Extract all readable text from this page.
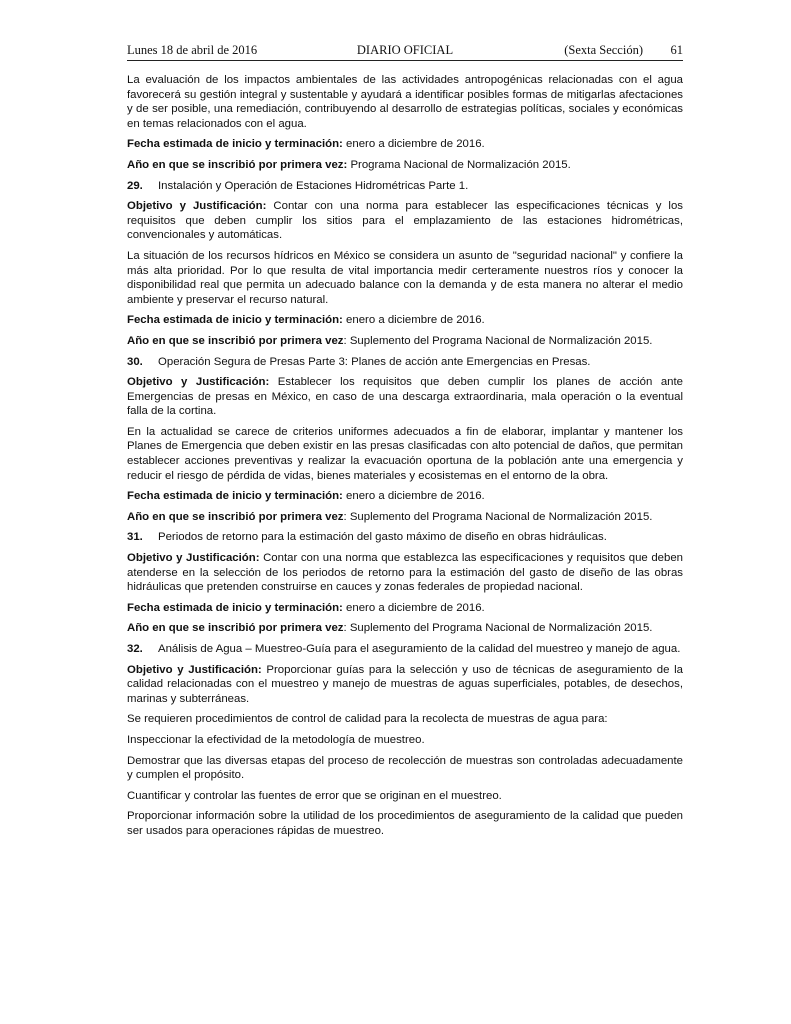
Lunes 18 de abril de 2016	DIARIO OFICIAL	(Sexta Sección) 61

La evaluación de los impactos ambientales de las actividades antropogénicas relacionadas con el agua favorecerá su gestión integral y sustentable y ayudará a identificar posibles formas de mitigarlas afectaciones y de ser posible, una remediación, contribuyendo al desarrollo de estrategias políticas, sociales y económicas en temas relacionados con el agua.

Fecha estimada de inicio y terminación: enero a diciembre de 2016.

Año en que se inscribió por primera vez: Programa Nacional de Normalización 2015.

29. Instalación y Operación de Estaciones Hidrométricas Parte 1.

Objetivo y Justificación: Contar con una norma para establecer las especificaciones técnicas y los requisitos que deben cumplir los sitios para el emplazamiento de las estaciones hidrométricas, convencionales y automáticas.

La situación de los recursos hídricos en México se considera un asunto de "seguridad nacional" y confiere la más alta prioridad. Por lo que resulta de vital importancia medir certeramente nuestros ríos y conocer la disponibilidad real que permita un adecuado balance con la demanda y de esta manera no alterar el medio ambiente y preservar el recurso natural.

Fecha estimada de inicio y terminación: enero a diciembre de 2016.

Año en que se inscribió por primera vez: Suplemento del Programa Nacional de Normalización 2015.

30. Operación Segura de Presas Parte 3: Planes de acción ante Emergencias en Presas.

Objetivo y Justificación: Establecer los requisitos que deben cumplir los planes de acción ante Emergencias de presas en México, en caso de una descarga extraordinaria, mala operación o la eventual falla de la cortina.

En la actualidad se carece de criterios uniformes adecuados a fin de elaborar, implantar y mantener los Planes de Emergencia que deben existir en las presas clasificadas con alto potencial de daños, que permitan establecer acciones preventivas y realizar la evacuación oportuna de la población ante una emergencia y reducir el riesgo de pérdida de vidas, bienes materiales y ecosistemas en el entorno de la obra.

Fecha estimada de inicio y terminación: enero a diciembre de 2016.

Año en que se inscribió por primera vez: Suplemento del Programa Nacional de Normalización 2015.

31. Periodos de retorno para la estimación del gasto máximo de diseño en obras hidráulicas.

Objetivo y Justificación: Contar con una norma que establezca las especificaciones y requisitos que deben atenderse en la selección de los periodos de retorno para la estimación del gasto de diseño de las obras hidráulicas que pretenden construirse en cauces y zonas federales de propiedad nacional.

Fecha estimada de inicio y terminación: enero a diciembre de 2016.

Año en que se inscribió por primera vez: Suplemento del Programa Nacional de Normalización 2015.

32. Análisis de Agua – Muestreo-Guía para el aseguramiento de la calidad del muestreo y manejo de agua.

Objetivo y Justificación: Proporcionar guías para la selección y uso de técnicas de aseguramiento de la calidad relacionadas con el muestreo y manejo de muestras de aguas superficiales, potables, de desechos, marinas y subterráneas.

Se requieren procedimientos de control de calidad para la recolecta de muestras de agua para:

Inspeccionar la efectividad de la metodología de muestreo.

Demostrar que las diversas etapas del proceso de recolección de muestras son controladas adecuadamente y cumplen el propósito.

Cuantificar y controlar las fuentes de error que se originan en el muestreo.

Proporcionar información sobre la utilidad de los procedimientos de aseguramiento de la calidad que pueden ser usados para operaciones rápidas de muestreo.
